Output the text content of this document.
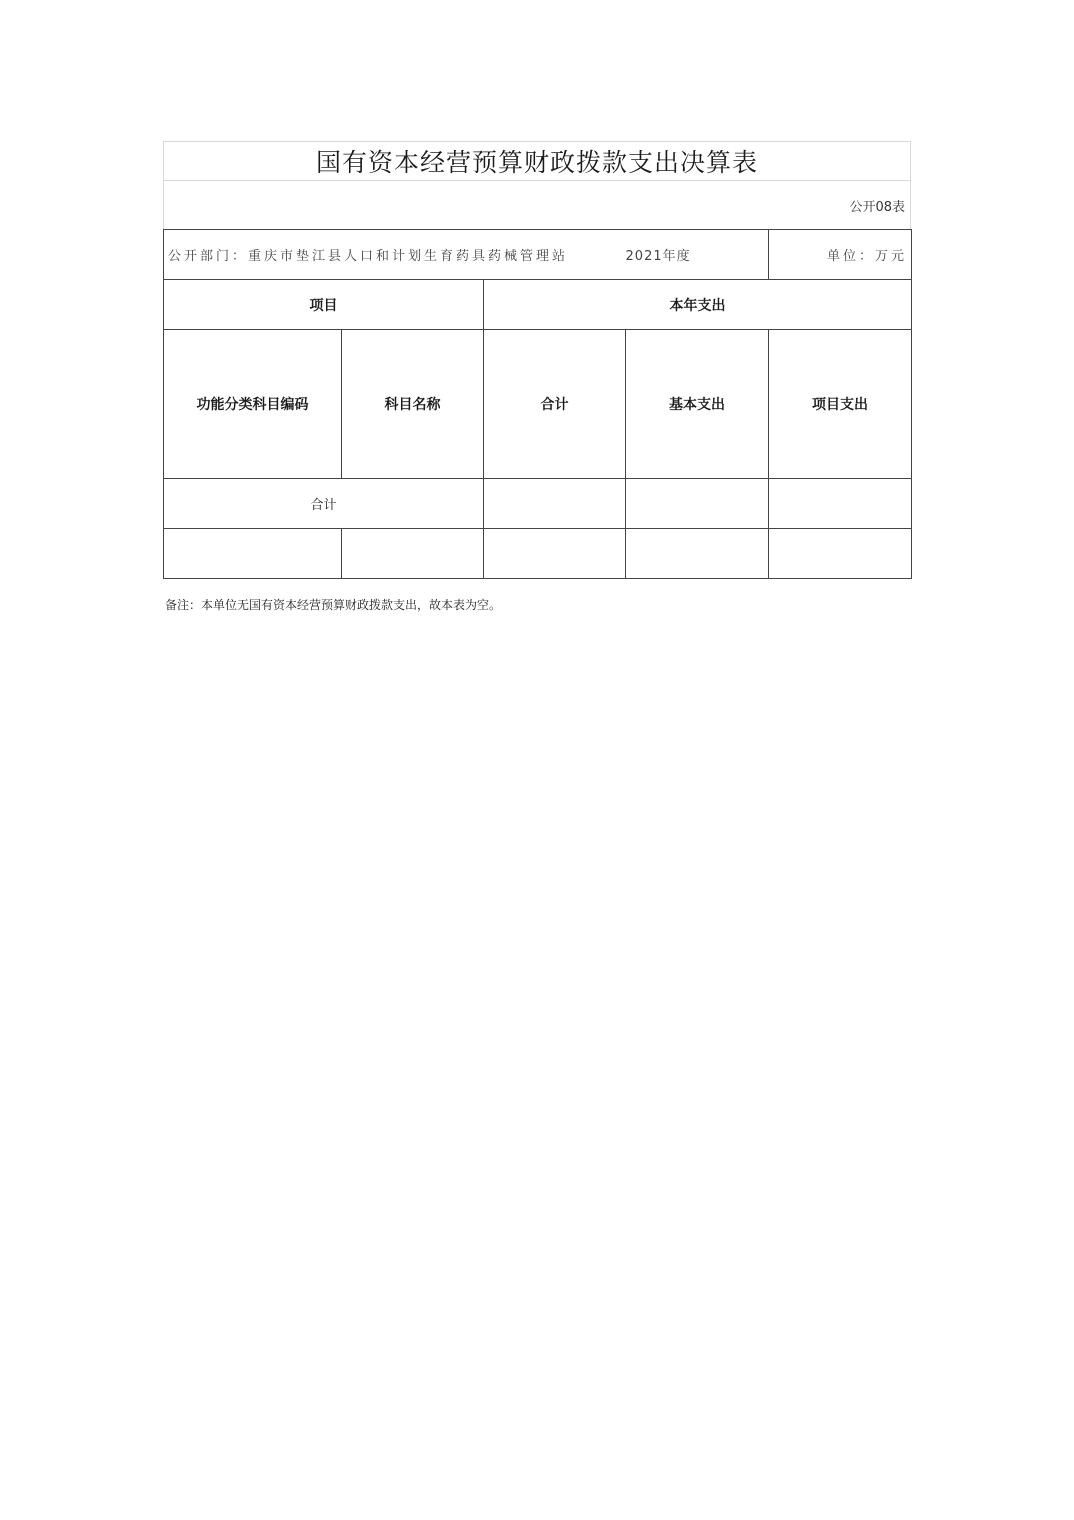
国有资本经营预算财政拨款支出决算表
公开08表
公开部门：重庆市垫江县人口和计划生育药具药械管理站			2021年度	单位：万元
项目		本年支出		
功能分类科目编码	科目名称	合计	基本支出	项目支出
合计				

备注：本单位无国有资本经营预算财政拨款支出，故本表为空。
